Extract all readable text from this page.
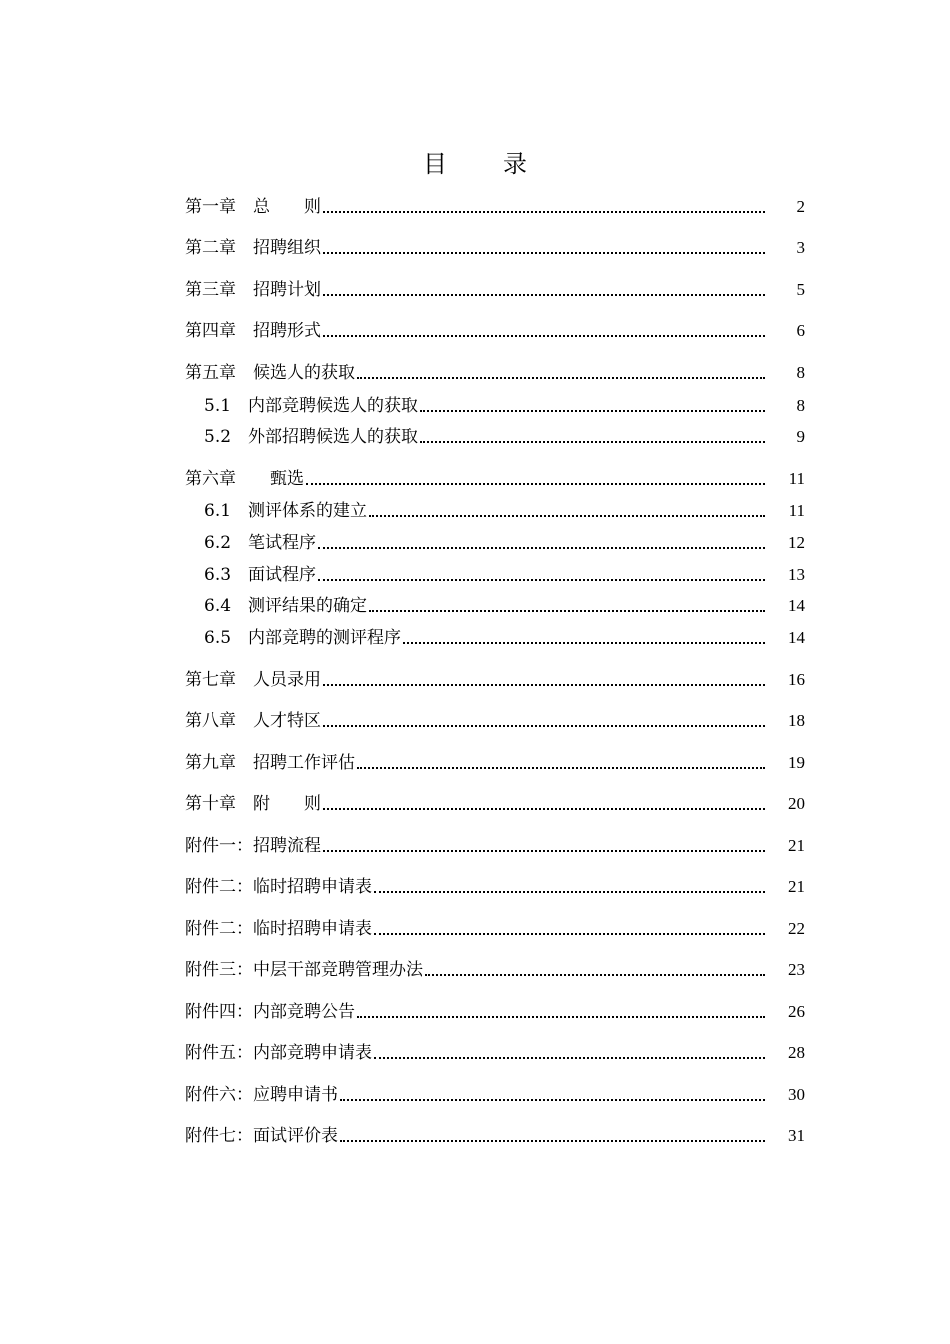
目 录
第一章　总　　则	2
第二章　招聘组织	3
第三章　招聘计划	5
第四章　招聘形式	6
第五章　候选人的获取	8
5.1　内部竞聘候选人的获取	8
5.2　外部招聘候选人的获取	9
第六章　　甄选	11
6.1　测评体系的建立	11
6.2　笔试程序	12
6.3　面试程序	13
6.4　测评结果的确定	14
6.5　内部竞聘的测评程序	14
第七章　人员录用	16
第八章　人才特区	18
第九章　招聘工作评估	19
第十章　附　　则	20
附件一：招聘流程	21
附件二：临时招聘申请表	21
附件二：临时招聘申请表	22
附件三：中层干部竞聘管理办法	23
附件四：内部竞聘公告	26
附件五：内部竞聘申请表	28
附件六：应聘申请书	30
附件七：面试评价表	31
